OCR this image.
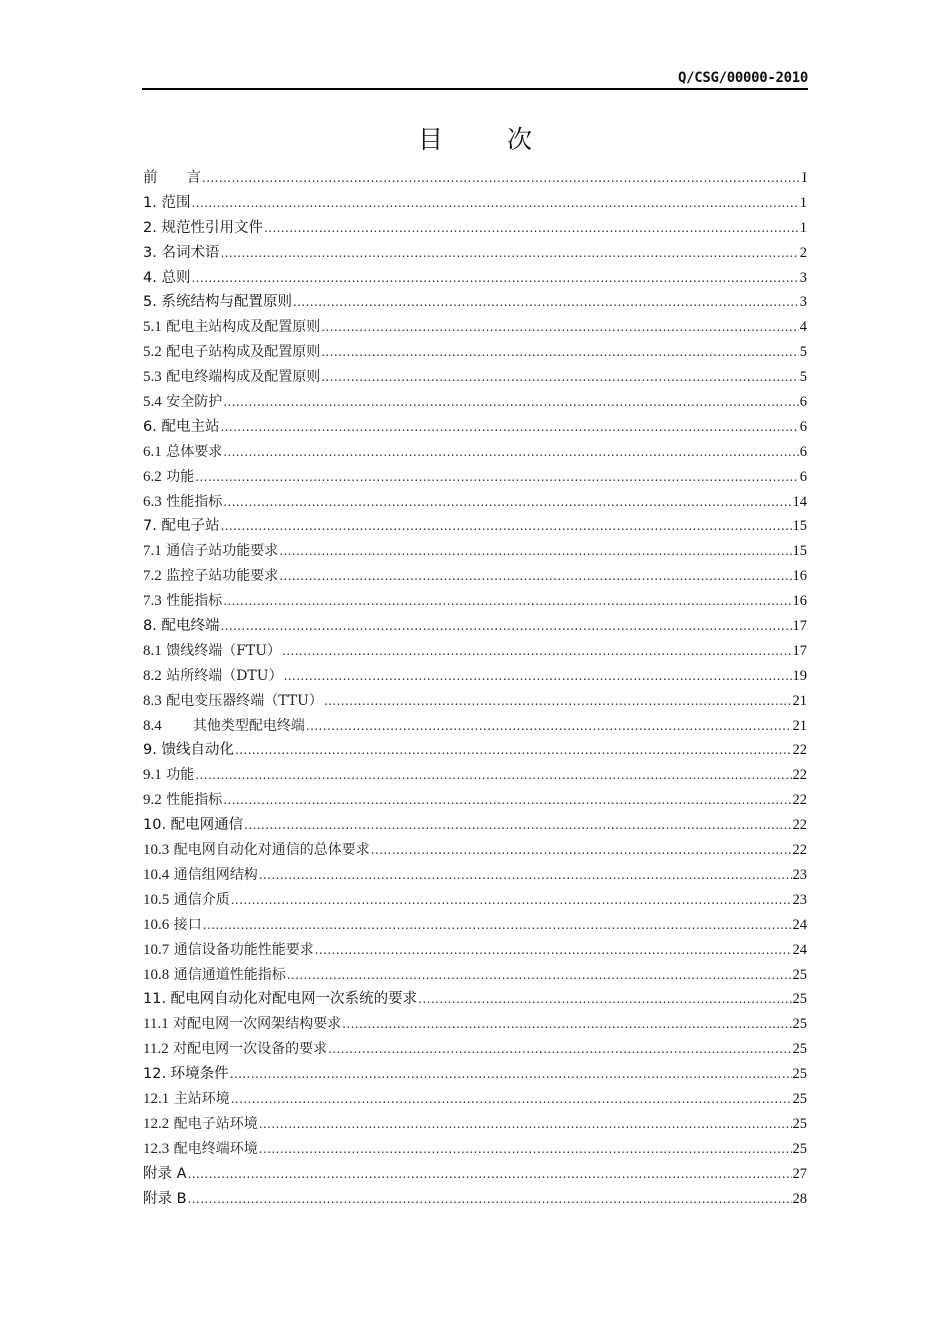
Q/CSG/00000-2010
目 次
前　　言 .....	I
1. 范围 .....	1
2. 规范性引用文件 .....	1
3. 名词术语 .....	2
4. 总则 .....	3
5. 系统结构与配置原则 .....	3
5.1 配电主站构成及配置原则 .....	4
5.2 配电子站构成及配置原则 .....	5
5.3 配电终端构成及配置原则 .....	5
5.4 安全防护 .....	6
6. 配电主站 .....	6
6.1 总体要求 .....	6
6.2 功能 .....	6
6.3 性能指标 .....	14
7. 配电子站 .....	15
7.1 通信子站功能要求 .....	15
7.2 监控子站功能要求 .....	16
7.3 性能指标 .....	16
8. 配电终端 .....	17
8.1 馈线终端（FTU） .....	17
8.2 站所终端（DTU） .....	19
8.3 配电变压器终端（TTU） .....	21
8.4       其他类型配电终端 .....	21
9. 馈线自动化 .....	22
9.1 功能 .....	22
9.2 性能指标 .....	22
10. 配电网通信 .....	22
10.3 配电网自动化对通信的总体要求 .....	22
10.4 通信组网结构 .....	23
10.5 通信介质 .....	23
10.6 接口 .....	24
10.7 通信设备功能性能要求 .....	24
10.8 通信通道性能指标 .....	25
11. 配电网自动化对配电网一次系统的要求 .....	25
11.1 对配电网一次网架结构要求 .....	25
11.2 对配电网一次设备的要求 .....	25
12. 环境条件 .....	25
12.1 主站环境 .....	25
12.2 配电子站环境 .....	25
12.3 配电终端环境 .....	25
附录 A .....	27
附录 B .....	28
